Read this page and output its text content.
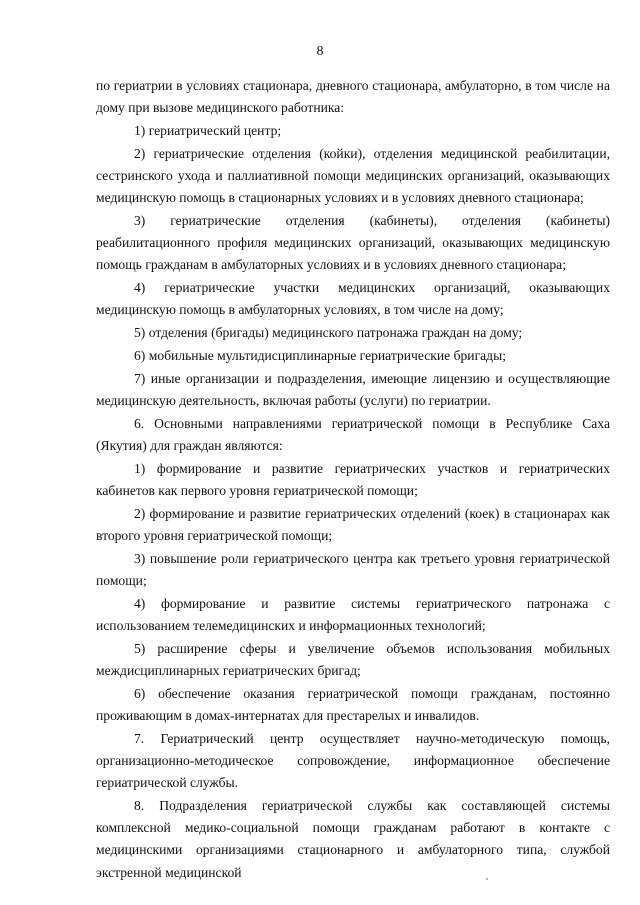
8

по гериатрии в условиях стационара, дневного стационара, амбулаторно, в том числе на дому при вызове медицинского работника:

1) гериатрический центр;

2) гериатрические отделения (койки), отделения медицинской реабилитации, сестринского ухода и паллиативной помощи медицинских организаций, оказывающих медицинскую помощь в стационарных условиях и в условиях дневного стационара;

3) гериатрические отделения (кабинеты), отделения (кабинеты) реабилитационного профиля медицинских организаций, оказывающих медицинскую помощь гражданам в амбулаторных условиях и в условиях дневного стационара;

4) гериатрические участки медицинских организаций, оказывающих медицинскую помощь в амбулаторных условиях, в том числе на дому;

5) отделения (бригады) медицинского патронажа граждан на дому;

6) мобильные мультидисциплинарные гериатрические бригады;

7) иные организации и подразделения, имеющие лицензию и осуществляющие медицинскую деятельность, включая работы (услуги) по гериатрии.

6. Основными направлениями гериатрической помощи в Республике Саха (Якутия) для граждан являются:

1) формирование и развитие гериатрических участков и гериатрических кабинетов как первого уровня гериатрической помощи;

2) формирование и развитие гериатрических отделений (коек) в стационарах как второго уровня гериатрической помощи;

3) повышение роли гериатрического центра как третьего уровня гериатрической помощи;

4) формирование и развитие системы гериатрического патронажа с использованием телемедицинских и информационных технологий;

5) расширение сферы и увеличение объемов использования мобильных междисциплинарных гериатрических бригад;

6) обеспечение оказания гериатрической помощи гражданам, постоянно проживающим в домах-интернатах для престарелых и инвалидов.

7. Гериатрический центр осуществляет научно-методическую помощь, организационно-методическое сопровождение, информационное обеспечение гериатрической службы.

8. Подразделения гериатрической службы как составляющей системы комплексной медико-социальной помощи гражданам работают в контакте с медицинскими организациями стационарного и амбулаторного типа, службой экстренной медицинской
